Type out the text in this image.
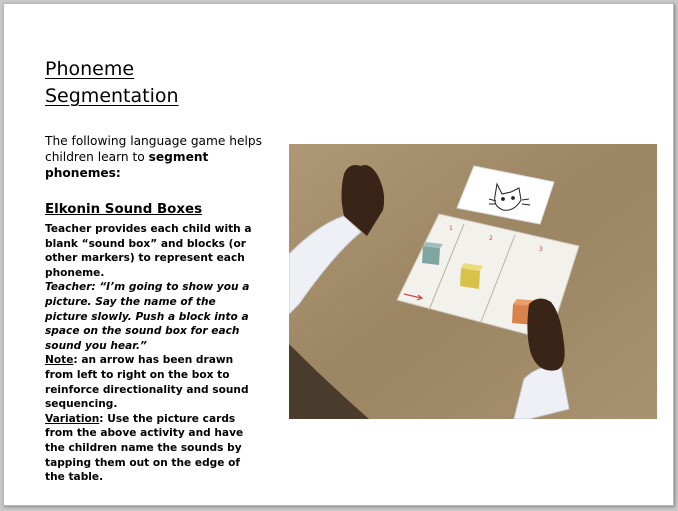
Phoneme
Segmentation
The following language game helps children learn to segment phonemes:
Elkonin Sound Boxes

Teacher provides each child with a blank “sound box” and blocks (or other markers) to represent each phoneme.

Teacher: “I’m going to show you a picture. Say the name of the picture slowly. Push a block into a space on the sound box for each sound you hear.”

Note: an arrow has been drawn from left to right on the box to reinforce directionality and sound sequencing.

Variation: Use the picture cards from the above activity and have the children name the sounds by tapping them out on the edge of the table.

1
2
3
